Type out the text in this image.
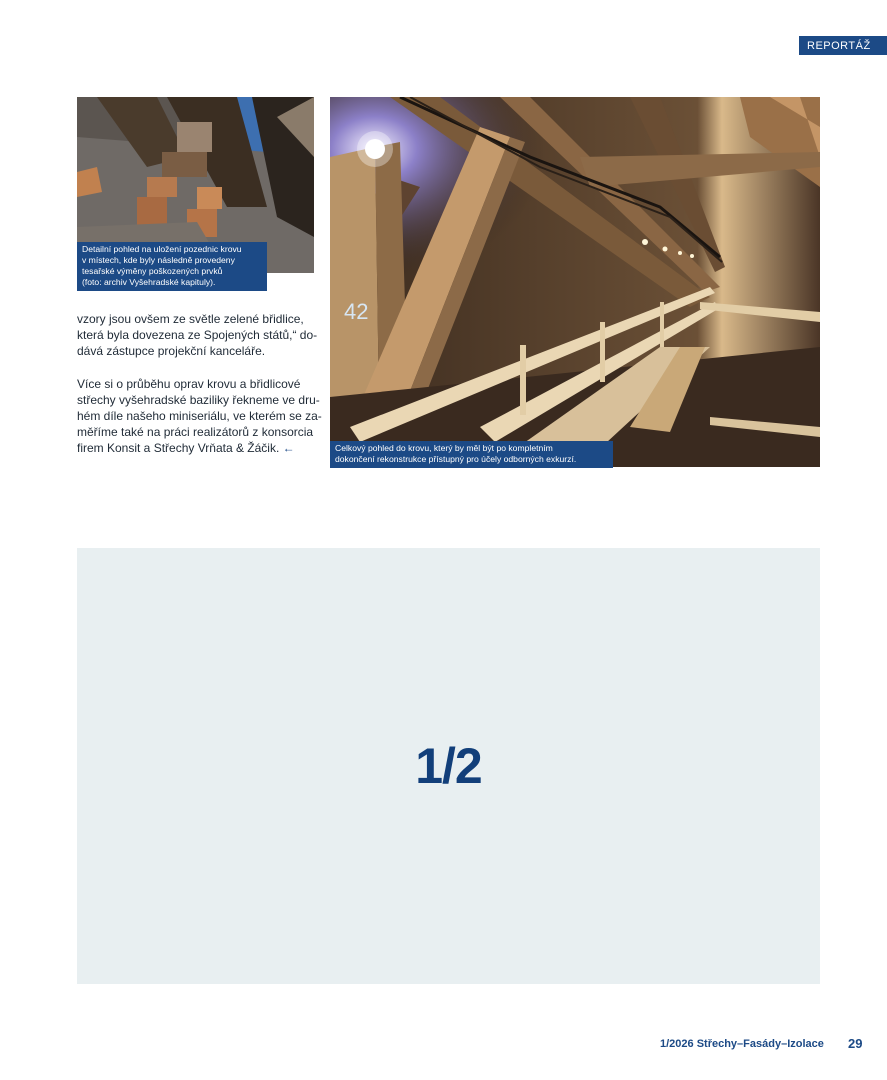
REPORTÁŽ
Detailní pohled na uložení pozednic krovu
v místech, kde byly následně provedeny
tesařské výměny poškozených prvků
(foto: archiv Vyšehradské kapituly).
42
Celkový pohled do krovu, který by měl být po kompletním
dokončení rekonstrukce přístupný pro účely odborných exkurzí.
vzory jsou ovšem ze světle zelené břidlice,
která byla dovezena ze Spojených států,“ do-
dává zástupce projekční kanceláře.
Více si o průběhu oprav krovu a břidlicové
střechy vyšehradské baziliky řekneme ve dru-
hém díle našeho miniseriálu, ve kterém se za-
měříme také na práci realizátorů z konsorcia
firem Konsit a Střechy Vrňata & Žáčik. ←
1/2
1/2026 Střechy–Fasády–Izolace 29
